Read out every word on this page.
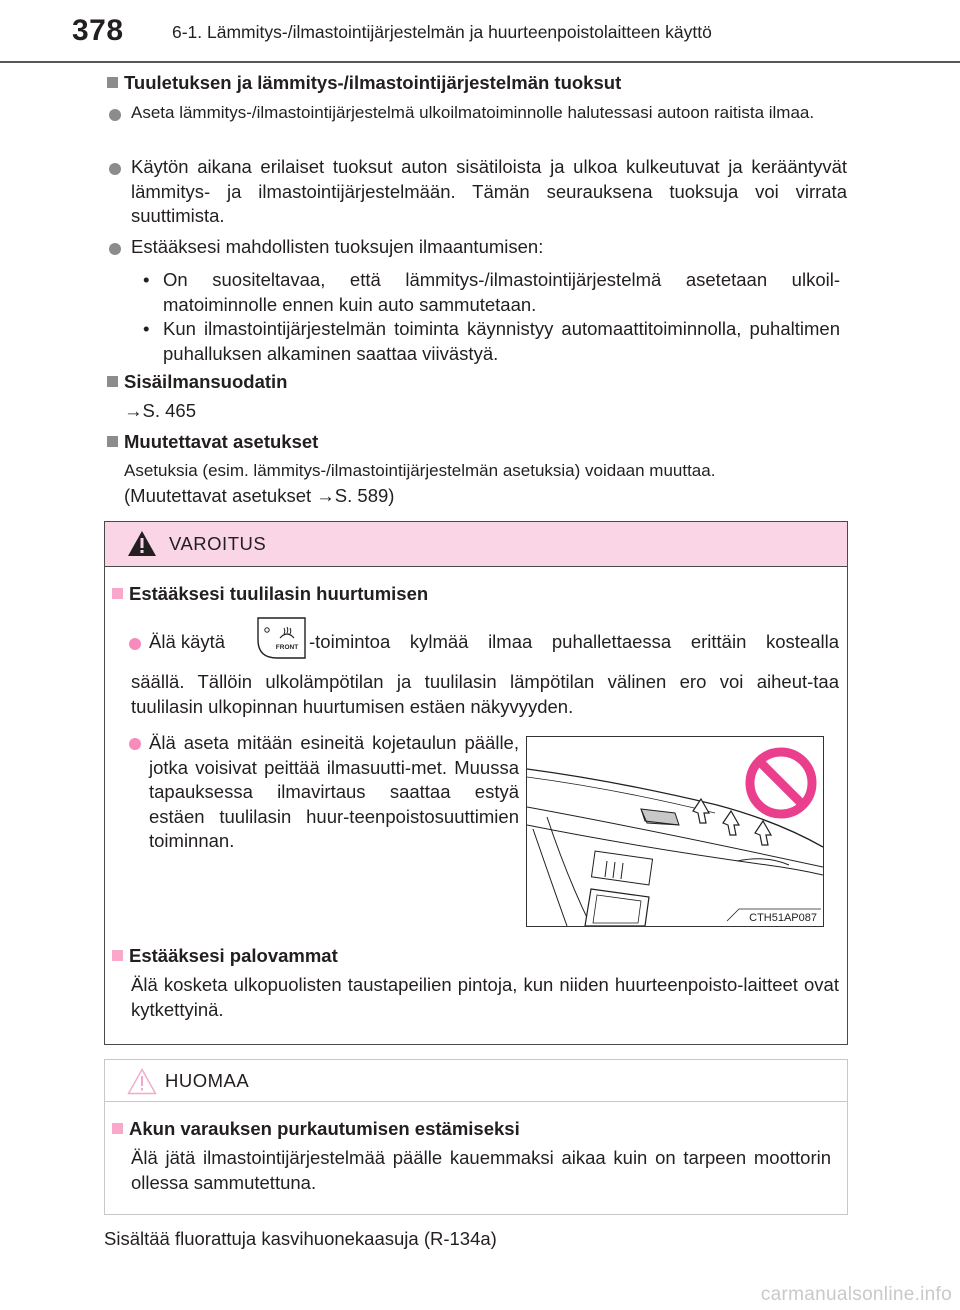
378	6-1. Lämmitys-/ilmastointijärjestelmän ja huurteenpoistolaitteen käyttö
Tuuletuksen ja lämmitys-/ilmastointijärjestelmän tuoksut
Aseta lämmitys-/ilmastointijärjestelmä ulkoilmatoiminnolle halutessasi autoon raitista ilmaa.
Käytön aikana erilaiset tuoksut auton sisätiloista ja ulkoa kulkeutuvat ja kerääntyvät lämmitys- ja ilmastointijärjestelmään. Tämän seurauksena tuoksuja voi virrata suuttimista.
Estääksesi mahdollisten tuoksujen ilmaantumisen:
• On suositeltavaa, että lämmitys-/ilmastointijärjestelmä asetetaan ulkoil-matoiminnolle ennen kuin auto sammutetaan.
• Kun ilmastointijärjestelmän toiminta käynnistyy automaattitoiminnolla, puhaltimen puhalluksen alkaminen saattaa viivästyä.
Sisäilmansuodatin
→S. 465
Muutettavat asetukset
Asetuksia (esim. lämmitys-/ilmastointijärjestelmän asetuksia) voidaan muuttaa.
(Muutettavat asetukset →S. 589)
VAROITUS
Estääksesi tuulilasin huurtumisen
Älä käytä	FRONT -toimintoa kylmää ilmaa puhallettaessa erittäin kostealla
säällä. Tällöin ulkolämpötilan ja tuulilasin lämpötilan välinen ero voi aiheut-taa tuulilasin ulkopinnan huurtumisen estäen näkyvyyden.
Älä aseta mitään esineitä kojetaulun päälle, jotka voisivat peittää ilmasuutti-met. Muussa tapauksessa ilmavirtaus saattaa estyä estäen tuulilasin huur-teenpoistosuuttimien toiminnan.
CTH51AP087
Estääksesi palovammat
Älä kosketa ulkopuolisten taustapeilien pintoja, kun niiden huurteenpoisto-laitteet ovat kytkettyinä.
HUOMAA
Akun varauksen purkautumisen estämiseksi
Älä jätä ilmastointijärjestelmää päälle kauemmaksi aikaa kuin on tarpeen moottorin ollessa sammutettuna.
Sisältää fluorattuja kasvihuonekaasuja (R-134a)
carmanualsonline.info
